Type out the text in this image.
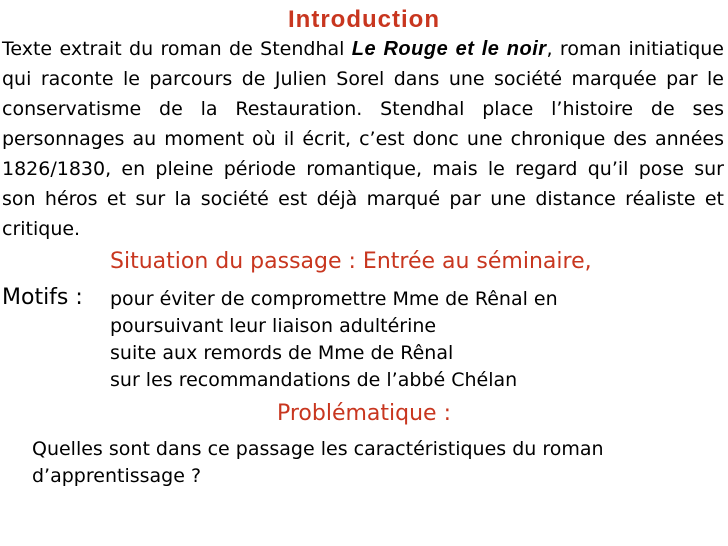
Introduction
Texte extrait du roman de Stendhal Le Rouge et le noir, roman initiatique qui raconte le parcours de Julien Sorel dans une société marquée par le conservatisme de la Restauration. Stendhal place l’histoire de ses personnages au moment où il écrit, c’est donc une chronique des années 1826/1830, en pleine période romantique, mais le regard qu’il pose sur son héros et sur la société est déjà marqué par une distance réaliste et critique.
Situation du passage : Entrée au séminaire,
Motifs : pour éviter de compromettre Mme de Rênal en
poursuivant leur liaison adultérine
suite aux remords de Mme de Rênal
sur les recommandations de l’abbé Chélan
Problématique :
Quelles sont dans ce passage les caractéristiques du roman d’apprentissage ?
